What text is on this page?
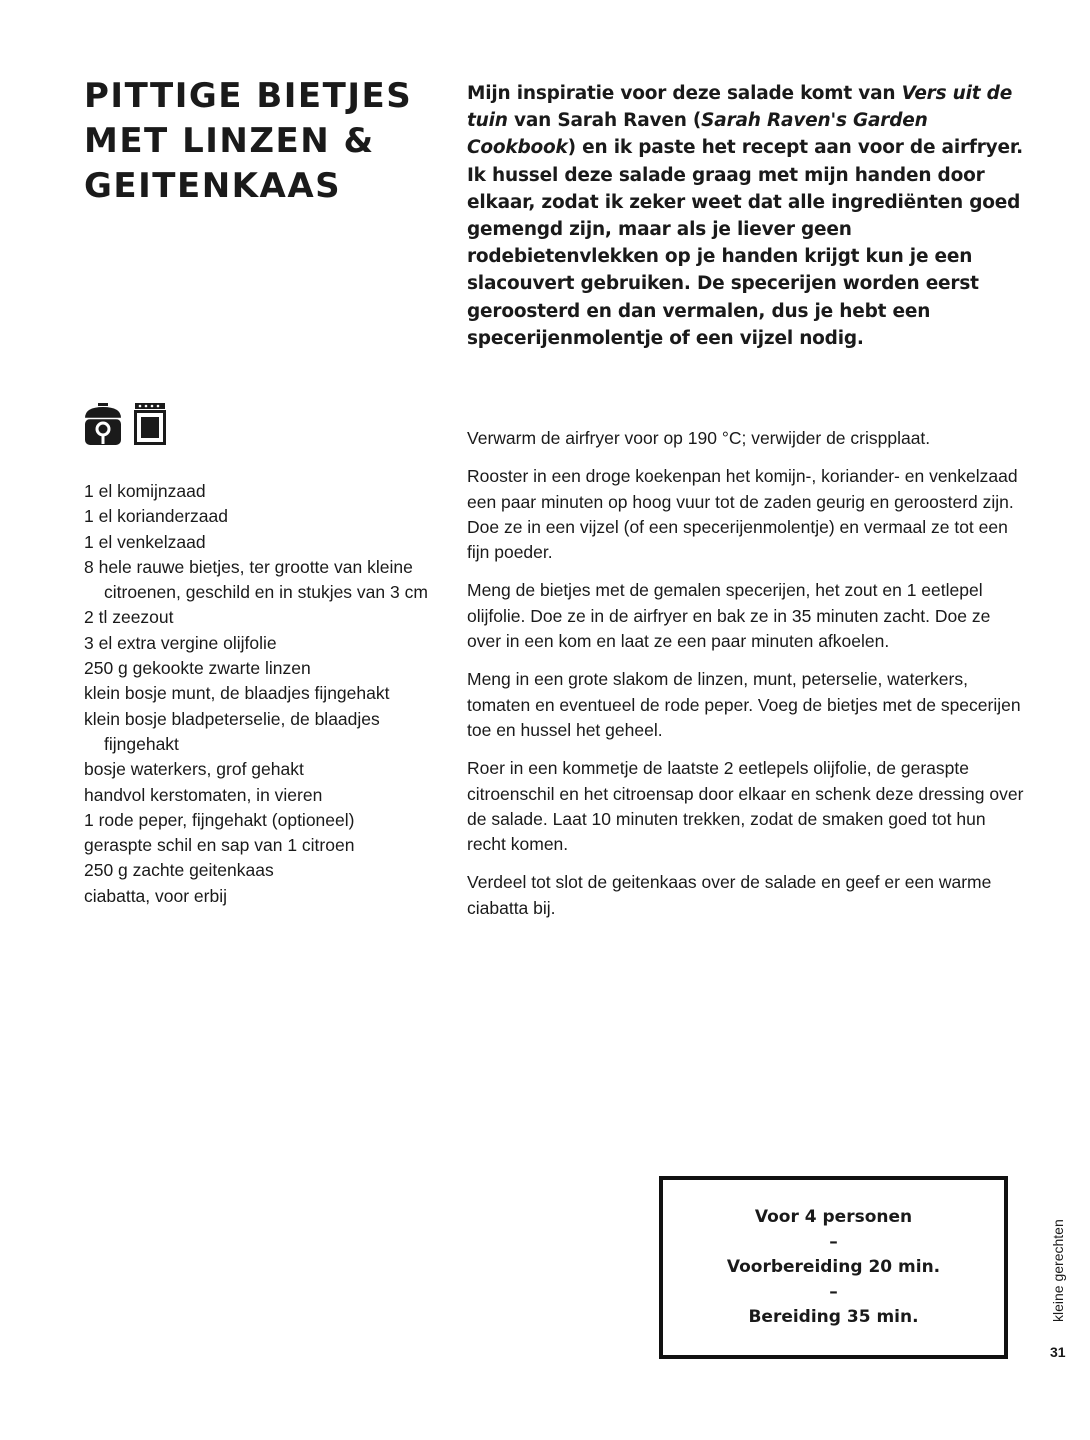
PITTIGE BIETJES
MET LINZEN &
GEITENKAAS

Mijn inspiratie voor deze salade komt van Vers uit de tuin van Sarah Raven (Sarah Raven's Garden Cookbook) en ik paste het recept aan voor de airfryer. Ik hussel deze salade graag met mijn handen door elkaar, zodat ik zeker weet dat alle ingrediënten goed gemengd zijn, maar als je liever geen rodebietenvlekken op je handen krijgt kun je een slacouvert gebruiken. De specerijen worden eerst geroosterd en dan vermalen, dus je hebt een specerijenmolentje of een vijzel nodig.

1 el komijnzaad
1 el korianderzaad
1 el venkelzaad
8 hele rauwe bietjes, ter grootte van kleine citroenen, geschild en in stukjes van 3 cm
2 tl zeezout
3 el extra vergine olijfolie
250 g gekookte zwarte linzen
klein bosje munt, de blaadjes fijngehakt
klein bosje bladpeterselie, de blaadjes fijngehakt
bosje waterkers, grof gehakt
handvol kerstomaten, in vieren
1 rode peper, fijngehakt (optioneel)
geraspte schil en sap van 1 citroen
250 g zachte geitenkaas
ciabatta, voor erbij

Verwarm de airfryer voor op 190 °C; verwijder de crispplaat.

Rooster in een droge koekenpan het komijn-, koriander- en venkelzaad een paar minuten op hoog vuur tot de zaden geurig en geroosterd zijn. Doe ze in een vijzel (of een specerijenmolentje) en vermaal ze tot een fijn poeder.

Meng de bietjes met de gemalen specerijen, het zout en 1 eetlepel olijfolie. Doe ze in de airfryer en bak ze in 35 minuten zacht. Doe ze over in een kom en laat ze een paar minuten afkoelen.

Meng in een grote slakom de linzen, munt, peterselie, waterkers, tomaten en eventueel de rode peper. Voeg de bietjes met de specerijen toe en hussel het geheel.

Roer in een kommetje de laatste 2 eetlepels olijfolie, de geraspte citroenschil en het citroensap door elkaar en schenk deze dressing over de salade. Laat 10 minuten trekken, zodat de smaken goed tot hun recht komen.

Verdeel tot slot de geitenkaas over de salade en geef er een warme ciabatta bij.

Voor 4 personen
–
Voorbereiding 20 min.
–
Bereiding 35 min.	kleine gerechten
31
